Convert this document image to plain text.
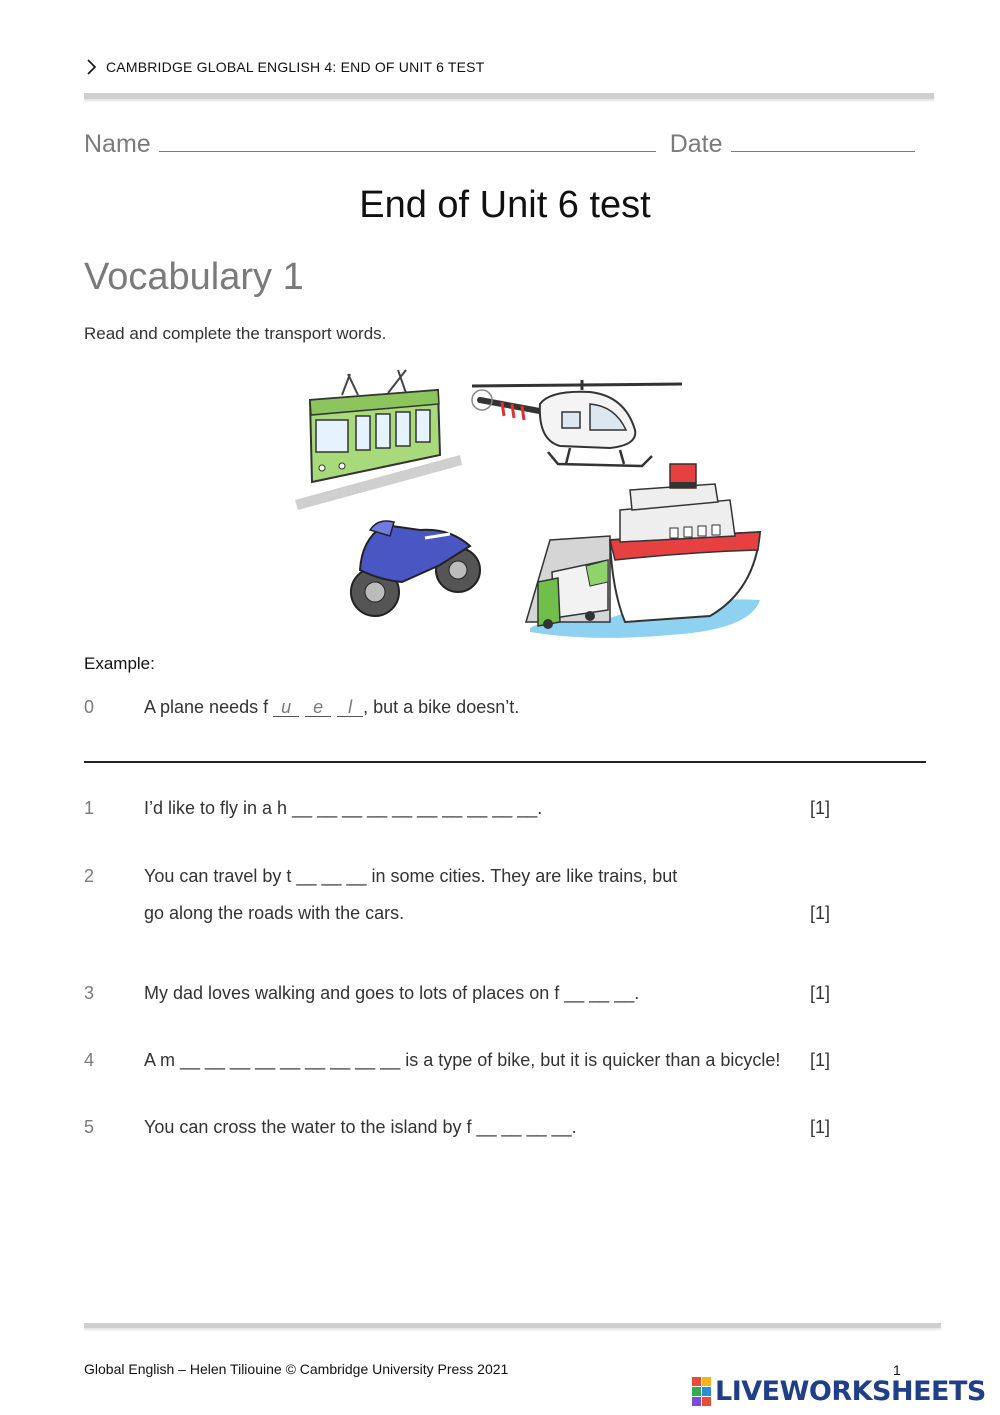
CAMBRIDGE GLOBAL ENGLISH 4: END OF UNIT 6 TEST
Name	Date
End of Unit 6 test
Vocabulary 1
Read and complete the transport words.
Example:
0	A plane needs f u e l , but a bike doesn’t.
1	I’d like to fly in a h __ __ __ __ __ __ __ __ __ __.	[1]
2	You can travel by t __ __ __ in some cities. They are like trains, but
go along the roads with the cars.	[1]
3	My dad loves walking and goes to lots of places on f __ __ __.	[1]
4	A m __ __ __ __ __ __ __ __ __ is a type of bike, but it is quicker than a bicycle! [1]
5	You can cross the water to the island by f __ __ __ __.	[1]
Global English – Helen Tiliouine © Cambridge University Press 2021	1
LIVEWORKSHEETS
